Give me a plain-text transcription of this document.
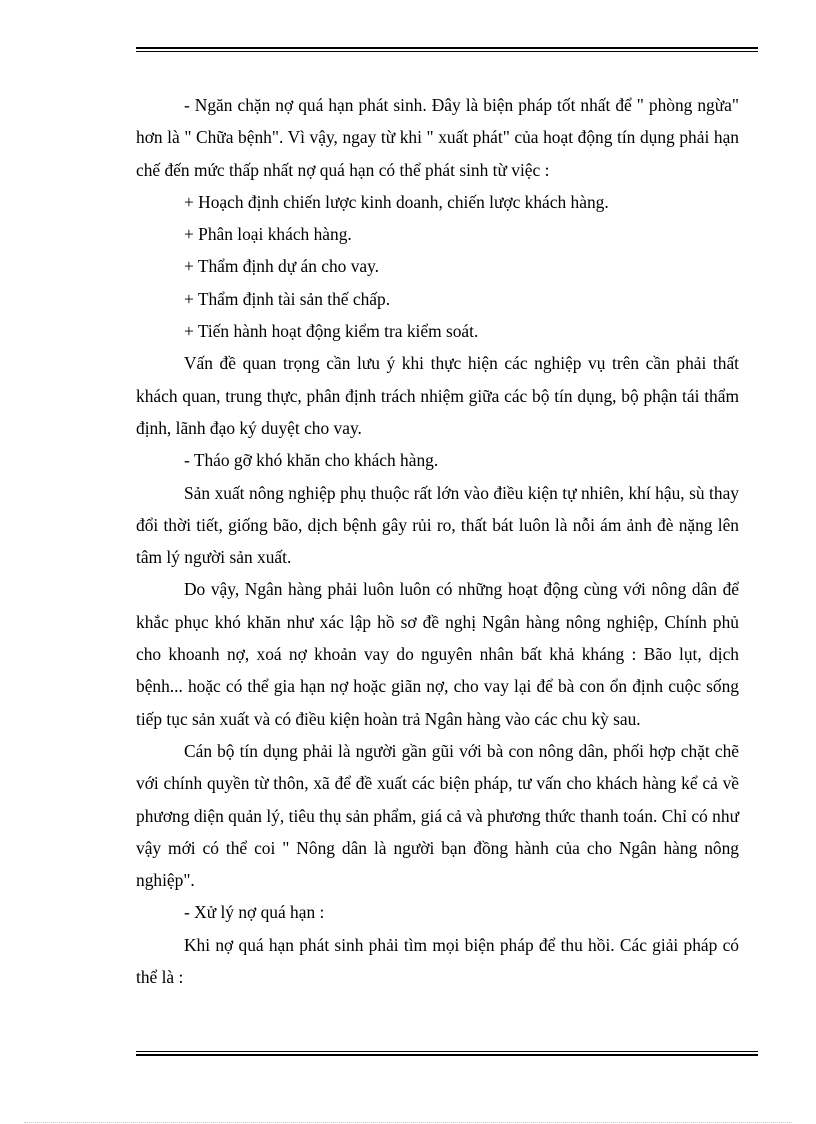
- Ngăn chặn nợ quá hạn phát sinh. Đây là biện pháp tốt nhất để " phòng ngừa" hơn là " Chữa bệnh". Vì vậy, ngay từ khi " xuất phát" của hoạt động tín dụng phải hạn chế đến mức thấp nhất nợ quá hạn có thể phát sinh từ việc :

+ Hoạch định chiến lược kinh doanh, chiến lược khách hàng.

+ Phân loại khách hàng.

+ Thẩm định dự án cho vay.

+ Thẩm định tài sản thế chấp.

+ Tiến hành hoạt động kiểm tra kiểm soát.

Vấn đề quan trọng cần lưu ý khi thực hiện các nghiệp vụ trên cần phải thất khách quan, trung thực, phân định trách nhiệm giữa các bộ tín dụng, bộ phận tái thẩm định, lãnh đạo ký duyệt cho vay.

- Tháo gỡ khó khăn cho khách hàng.

Sản xuất nông nghiệp phụ thuộc rất lớn vào điều kiện tự nhiên, khí hậu, sù thay đổi thời tiết, giống bão, dịch bệnh gây rủi ro, thất bát luôn là nỗi ám ảnh đè nặng lên tâm lý người sản xuất.

Do vậy, Ngân hàng phải luôn luôn có những hoạt động cùng với nông dân để khắc phục khó khăn như xác lập hồ sơ đề nghị Ngân hàng nông nghiệp, Chính phủ cho khoanh nợ, xoá nợ khoản vay do nguyên nhân bất khả kháng : Bão lụt, dịch bệnh... hoặc có thể gia hạn nợ hoặc giãn nợ, cho vay lại để bà con ổn định cuộc sống tiếp tục sản xuất và có điều kiện hoàn trả Ngân hàng vào các chu kỳ sau.

Cán bộ tín dụng phải là người gần gũi với bà con nông dân, phối hợp chặt chẽ với chính quyền từ thôn, xã để đề xuất các biện pháp, tư vấn cho khách hàng kể cả về phương diện quản lý, tiêu thụ sản phẩm, giá cả và phương thức thanh toán. Chỉ có như vậy mới có thể coi " Nông dân là người bạn đồng hành của cho Ngân hàng nông nghiệp".

- Xử lý nợ quá hạn :

Khi nợ quá hạn phát sinh phải tìm mọi biện pháp để thu hồi. Các giải pháp có thể là :
